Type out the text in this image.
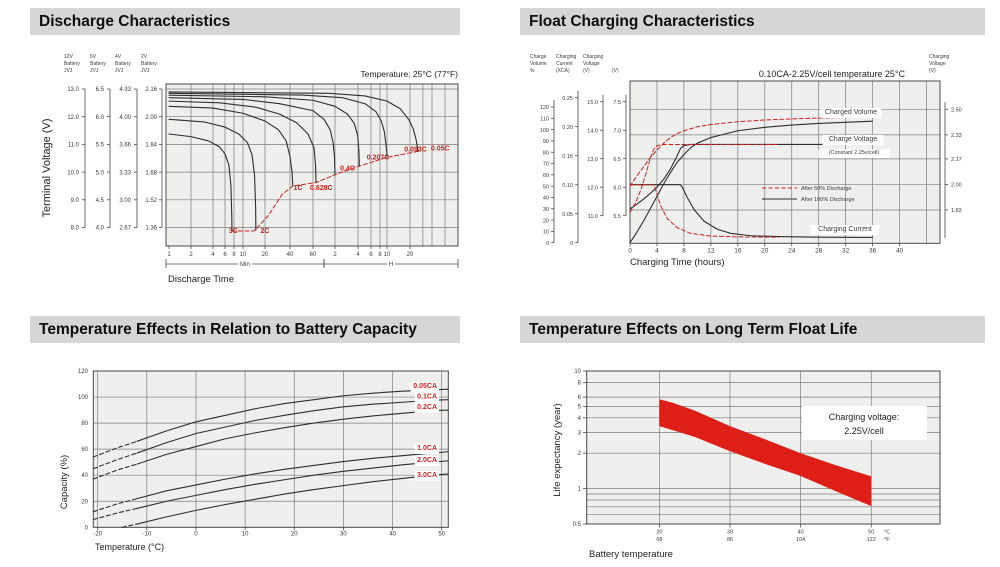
Discharge Characteristics	Float Charging Characteristics
Temperature Effects in Relation to Battery Capacity	Temperature Effects on Long Term Float Life
12V
Battery
JVJ
13.0
12.0
11.0
10.0
9.0
8.0
6V
Battery
JVJ
6.5
6.0
5.5
5.0
4.5
4.0
4V
Battery
JVJ
4.33
4.00
3.66
3.33
3.00
2.67
2V
Battery
JVJ
2.16
2.00
1.84
1.68
1.52
1.36
Terminal Voltage (V)
Temperature: 25°C (77°F)
1	2	4 6 8 10	20	40	60	2	4 6 8 10	20
Min	H
Discharge Time
3C	2C
1C 0.628C
0.4C
0.207C
0.093C 0.05C
Charge
Volume
%
120
110
100
90
80
70
60
50
40
30
20
10
0
Charging
Current
(XCA)
0.25
0.20
0.15
0.10
0.05
0
Charging
Voltage
(V)
15.0
14.0
13.0
12.0
11.0
(V)
7.5
7.0
6.5
6.0
5.5
Charging
Voltage
(V)
2.50
2.33
2.17
2.00
1.83
0.10CA-2.25V/cell temperature 25°C
0	4	8	12	16	20	24	28	32	36	40
Charging Time (hours)
Charged Volume
Charge Voltage
(Constant 2.25v/cell)
Charging Current
After 50% Discharge
After 100% Discharge
120
100
80
60
40
20
0
-20	-10	0	10	20	30	40	50
Capacity (%)
Temperature (°C)
0.05CA
0.1CA
0.2CA
1.0CA
2.0CA
3.0CA
Charging voltage:
2.25V/cell
10
8
6
5
4
3
2
1
0.5
20
68
30
86
40
104
50
122
°C
°F
Life expectancy (year)
Battery temperature
